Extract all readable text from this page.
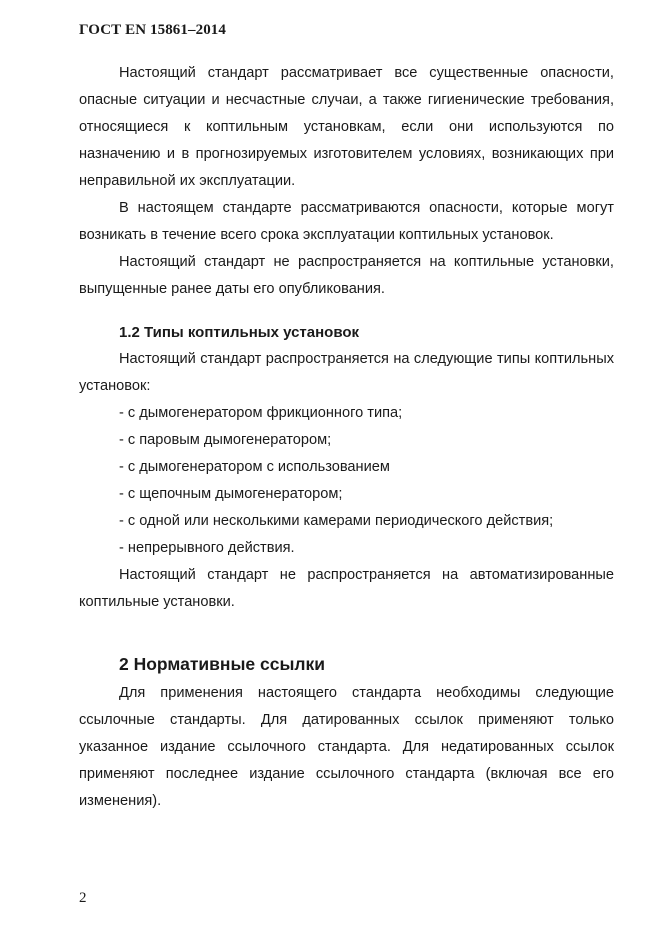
ГОСТ EN 15861–2014

Настоящий стандарт рассматривает все существенные опасности, опасные ситуации и несчастные случаи, а также гигиенические требования, относящиеся к коптильным установкам, если они используются по назначению и в прогнозируемых изготовителем условиях, возникающих при неправильной их эксплуатации.

В настоящем стандарте рассматриваются опасности, которые могут возникать в течение всего срока эксплуатации коптильных установок.

Настоящий стандарт не распространяется на коптильные установки, выпущенные ранее даты его опубликования.

1.2 Типы коптильных установок

Настоящий стандарт распространяется на следующие типы коптильных установок:

- с дымогенератором фрикционного типа;
- с паровым дымогенератором;
- с дымогенератором с использованием
- с щепочным дымогенератором;
- с одной или несколькими камерами периодического действия;
- непрерывного действия.

Настоящий стандарт не распространяется на автоматизированные коптильные установки.

2 Нормативные ссылки

Для применения настоящего стандарта необходимы следующие ссылочные стандарты. Для датированных ссылок применяют только указанное издание ссылочного стандарта. Для недатированных ссылок применяют последнее издание ссылочного стандарта (включая все его изменения).

2
